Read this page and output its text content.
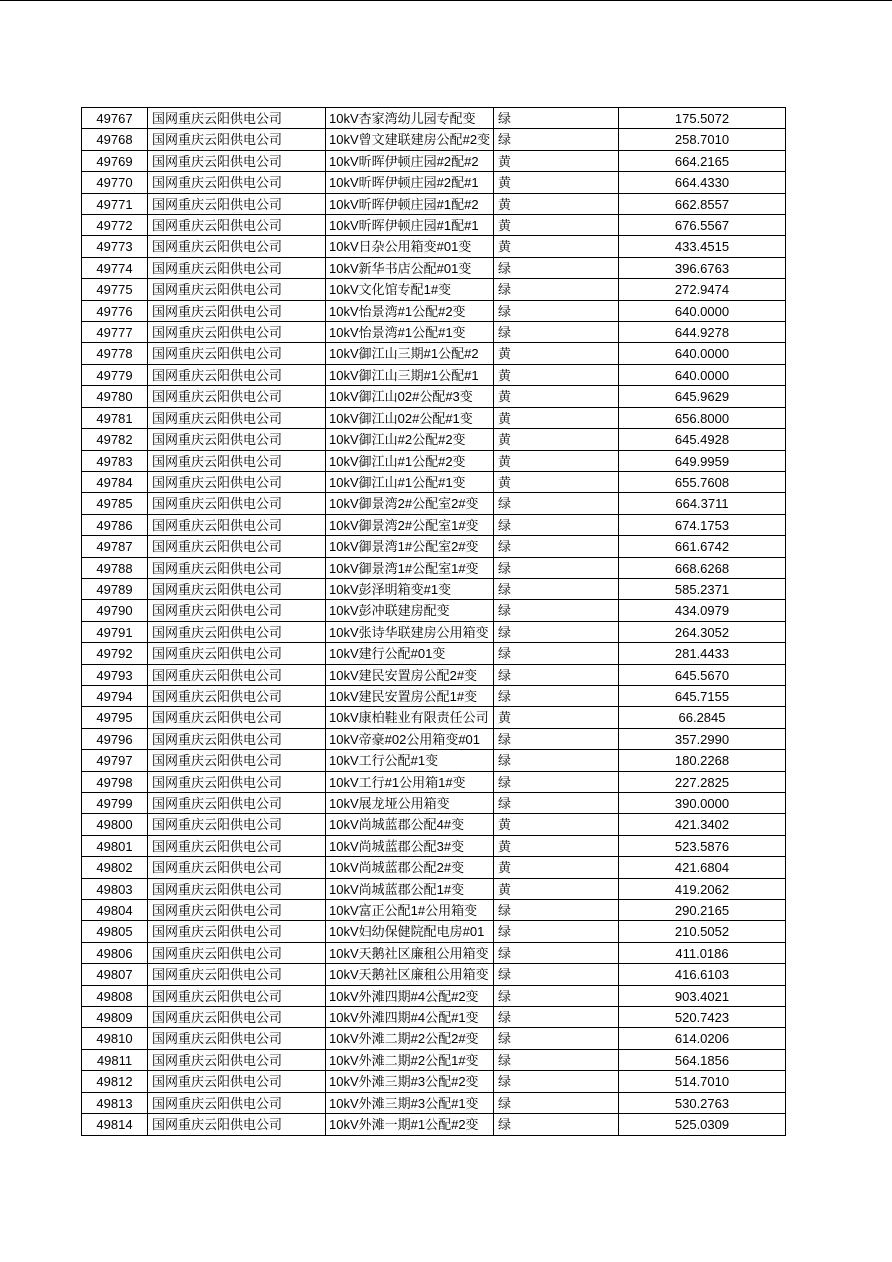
49767	国网重庆云阳供电公司	10kV杏家湾幼儿园专配变	绿	175.5072
49768	国网重庆云阳供电公司	10kV曾文建联建房公配#2变 绿	258.7010
49769	国网重庆云阳供电公司	10kV昕晖伊顿庄园#2配#2	黄	664.2165
49770	国网重庆云阳供电公司	10kV昕晖伊顿庄园#2配#1	黄	664.4330
49771	国网重庆云阳供电公司	10kV昕晖伊顿庄园#1配#2	黄	662.8557
49772	国网重庆云阳供电公司	10kV昕晖伊顿庄园#1配#1	黄	676.5567
49773	国网重庆云阳供电公司	10kV日杂公用箱变#01变	黄	433.4515
49774	国网重庆云阳供电公司	10kV新华书店公配#01变	绿	396.6763
49775	国网重庆云阳供电公司	10kV文化馆专配1#变	绿	272.9474
49776	国网重庆云阳供电公司	10kV怡景湾#1公配#2变	绿	640.0000
49777	国网重庆云阳供电公司	10kV怡景湾#1公配#1变	绿	644.9278
49778	国网重庆云阳供电公司	10kV御江山三期#1公配#2	黄	640.0000
49779	国网重庆云阳供电公司	10kV御江山三期#1公配#1	黄	640.0000
49780	国网重庆云阳供电公司	10kV御江山02#公配#3变	黄	645.9629
49781	国网重庆云阳供电公司	10kV御江山02#公配#1变	黄	656.8000
49782	国网重庆云阳供电公司	10kV御江山#2公配#2变	黄	645.4928
49783	国网重庆云阳供电公司	10kV御江山#1公配#2变	黄	649.9959
49784	国网重庆云阳供电公司	10kV御江山#1公配#1变	黄	655.7608
49785	国网重庆云阳供电公司	10kV御景湾2#公配室2#变	绿	664.3711
49786	国网重庆云阳供电公司	10kV御景湾2#公配室1#变	绿	674.1753
49787	国网重庆云阳供电公司	10kV御景湾1#公配室2#变	绿	661.6742
49788	国网重庆云阳供电公司	10kV御景湾1#公配室1#变	绿	668.6268
49789	国网重庆云阳供电公司	10kV彭泽明箱变#1变	绿	585.2371
49790	国网重庆云阳供电公司	10kV彭冲联建房配变	绿	434.0979
49791	国网重庆云阳供电公司	10kV张诗华联建房公用箱变 绿	264.3052
49792	国网重庆云阳供电公司	10kV建行公配#01变	绿	281.4433
49793	国网重庆云阳供电公司	10kV建民安置房公配2#变	绿	645.5670
49794	国网重庆云阳供电公司	10kV建民安置房公配1#变	绿	645.7155
49795	国网重庆云阳供电公司	10kV康柏鞋业有限责任公司 黄	66.2845
49796	国网重庆云阳供电公司	10kV帝豪#02公用箱变#01	绿	357.2990
49797	国网重庆云阳供电公司	10kV工行公配#1变	绿	180.2268
49798	国网重庆云阳供电公司	10kV工行#1公用箱1#变	绿	227.2825
49799	国网重庆云阳供电公司	10kV展龙垭公用箱变	绿	390.0000
49800	国网重庆云阳供电公司	10kV尚城蓝郡公配4#变	黄	421.3402
49801	国网重庆云阳供电公司	10kV尚城蓝郡公配3#变	黄	523.5876
49802	国网重庆云阳供电公司	10kV尚城蓝郡公配2#变	黄	421.6804
49803	国网重庆云阳供电公司	10kV尚城蓝郡公配1#变	黄	419.2062
49804	国网重庆云阳供电公司	10kV富正公配1#公用箱变	绿	290.2165
49805	国网重庆云阳供电公司	10kV妇幼保健院配电房#01	绿	210.5052
49806	国网重庆云阳供电公司	10kV天鹅社区廉租公用箱变 绿	411.0186
49807	国网重庆云阳供电公司	10kV天鹅社区廉租公用箱变 绿	416.6103
49808	国网重庆云阳供电公司	10kV外滩四期#4公配#2变	绿	903.4021
49809	国网重庆云阳供电公司	10kV外滩四期#4公配#1变	绿	520.7423
49810	国网重庆云阳供电公司	10kV外滩二期#2公配2#变	绿	614.0206
49811	国网重庆云阳供电公司	10kV外滩二期#2公配1#变	绿	564.1856
49812	国网重庆云阳供电公司	10kV外滩三期#3公配#2变	绿	514.7010
49813	国网重庆云阳供电公司	10kV外滩三期#3公配#1变	绿	530.2763
49814	国网重庆云阳供电公司	10kV外滩一期#1公配#2变	绿	525.0309
